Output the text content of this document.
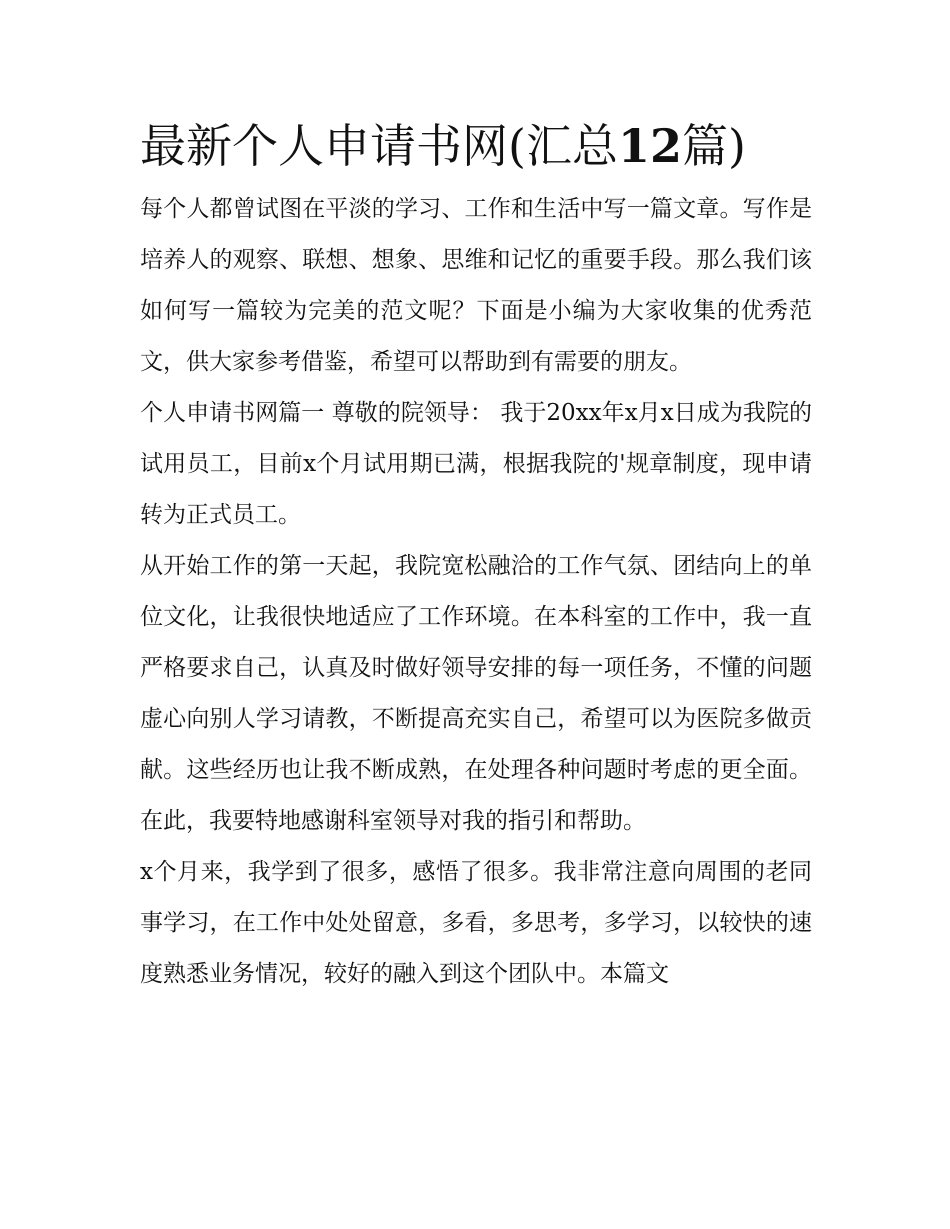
最新个人申请书网(汇总12篇)

每个人都曾试图在平淡的学习、工作和生活中写一篇文章。写作是培养人的观察、联想、想象、思维和记忆的重要手段。那么我们该如何写一篇较为完美的范文呢？下面是小编为大家收集的优秀范文，供大家参考借鉴，希望可以帮助到有需要的朋友。

个人申请书网篇一 尊敬的院领导： 我于20xx年x月x日成为我院的试用员工，目前x个月试用期已满，根据我院的'规章制度，现申请转为正式员工。

从开始工作的第一天起，我院宽松融洽的工作气氛、团结向上的单位文化，让我很快地适应了工作环境。在本科室的工作中，我一直严格要求自己，认真及时做好领导安排的每一项任务，不懂的问题虚心向别人学习请教，不断提高充实自己，希望可以为医院多做贡献。这些经历也让我不断成熟，在处理各种问题时考虑的更全面。在此，我要特地感谢科室领导对我的指引和帮助。

x个月来，我学到了很多，感悟了很多。我非常注意向周围的老同事学习，在工作中处处留意，多看，多思考，多学习，以较快的速度熟悉业务情况，较好的融入到这个团队中。本篇文
